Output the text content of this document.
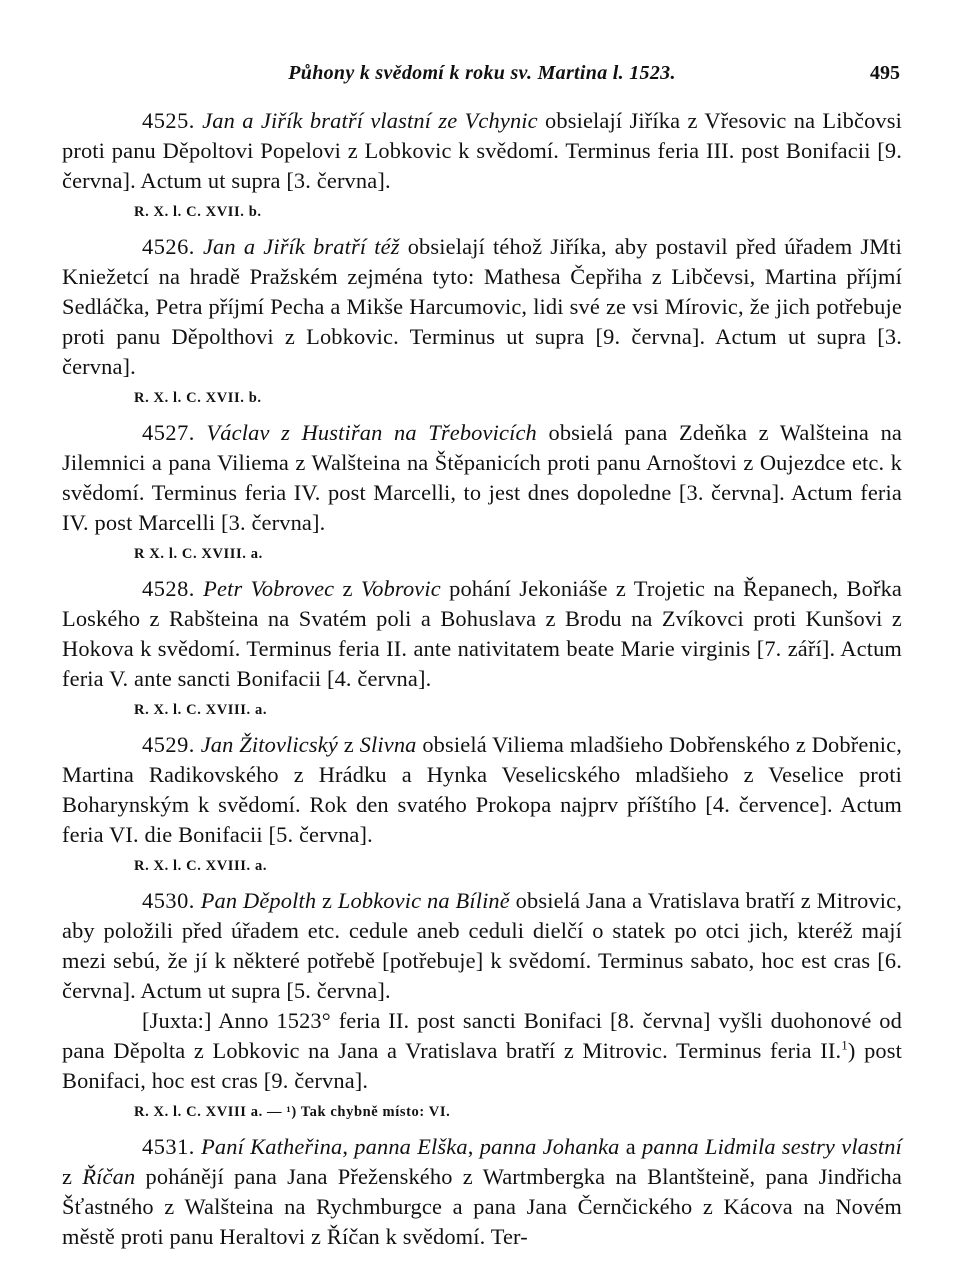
Půhony k svědomí k roku sv. Martina l. 1523.	495

4525. Jan a Jiřík bratří vlastní ze Vchynic obsielají Jiříka z Vřesovic na Libčovsi proti panu Děpoltovi Popelovi z Lobkovic k svědomí. Terminus feria III. post Bonifacii [9. června]. Actum ut supra [3. června].

R. X. l. C. XVII. b.

4526. Jan a Jiřík bratří též obsielají téhož Jiříka, aby postavil před úřadem JMti Kniežetcí na hradě Pražském zejména tyto: Mathesa Čepřiha z Libčevsi, Martina příjmí Sedláčka, Petra příjmí Pecha a Mikše Harcumovic, lidi své ze vsi Mírovic, že jich potřebuje proti panu Děpolthovi z Lobkovic. Terminus ut supra [9. června]. Actum ut supra [3. června].

R. X. l. C. XVII. b.

4527. Václav z Hustiřan na Třebovicích obsielá pana Zdeňka z Walšteina na Jilemnici a pana Viliema z Walšteina na Štěpanicích proti panu Arnoštovi z Oujezdce etc. k svědomí. Terminus feria IV. post Marcelli, to jest dnes dopoledne [3. června]. Actum feria IV. post Marcelli [3. června].

R X. l. C. XVIII. a.

4528. Petr Vobrovec z Vobrovic pohání Jekoniáše z Trojetic na Řepanech, Bořka Loského z Rabšteina na Svatém poli a Bohuslava z Brodu na Zvíkovci proti Kunšovi z Hokova k svědomí. Terminus feria II. ante nativitatem beate Marie virginis [7. září]. Actum feria V. ante sancti Bonifacii [4. června].

R. X. l. C. XVIII. a.

4529. Jan Žitovlicský z Slivna obsielá Viliema mladšieho Dobřenského z Dobřenic, Martina Radikovského z Hrádku a Hynka Veselicského mladšieho z Veselice proti Boharynským k svědomí. Rok den svatého Prokopa najprv příštího [4. července]. Actum feria VI. die Bonifacii [5. června].

R. X. l. C. XVIII. a.

4530. Pan Děpolth z Lobkovic na Bílině obsielá Jana a Vratislava bratří z Mitrovic, aby položili před úřadem etc. cedule aneb ceduli dielčí o statek po otci jich, kteréž mají mezi sebú, že jí k některé potřebě [potřebuje] k svědomí. Terminus sabato, hoc est cras [6. června]. Actum ut supra [5. června].

[Juxta:] Anno 1523° feria II. post sancti Bonifaci [8. června] vyšli duohonové od pana Děpolta z Lobkovic na Jana a Vratislava bratří z Mitrovic. Terminus feria II.$^1$) post Bonifaci, hoc est cras [9. června].

R. X. l. C. XVIII a. — ¹) Tak chybně místo: VI.

4531. Paní Katheřina, panna Elška, panna Johanka a panna Lidmila sestry vlastní z Říčan pohánějí pana Jana Přeženského z Wartmbergka na Blantšteině, pana Jindřicha Šťastného z Walšteina na Rychmburgce a pana Jana Černčického z Kácova na Novém městě proti panu Heraltovi z Říčan k svědomí. Ter-
